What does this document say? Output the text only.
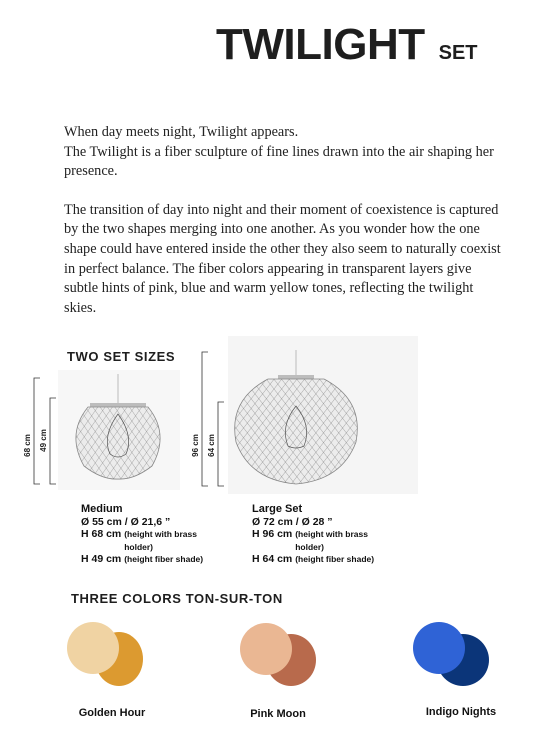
TWILIGHT SET

When day meets night, Twilight appears.
The Twilight is a fiber sculpture of fine lines drawn into the air shaping her presence.

The transition of day into night and their moment of coexistence is captured by the two shapes merging into one another. As you wonder how the one shape could have entered inside the other they also seem to naturally coexist in perfect balance. The fiber colors appearing in transparent layers give subtle hints of pink, blue and warm yellow tones, reflecting the twilight skies.

TWO SET SIZES
68 cm 49 cm
Medium
Ø 55 cm / Ø 21,6 ”
H 68 cm (height with brass holder)
H 49 cm (height fiber shade)
96 cm 64 cm
Large Set
Ø 72 cm / Ø 28 ”
H 96 cm (height with brass holder)
H 64 cm (height fiber shade)
THREE COLORS TON-SUR-TON
Golden Hour	Pink Moon	Indigo Nights
